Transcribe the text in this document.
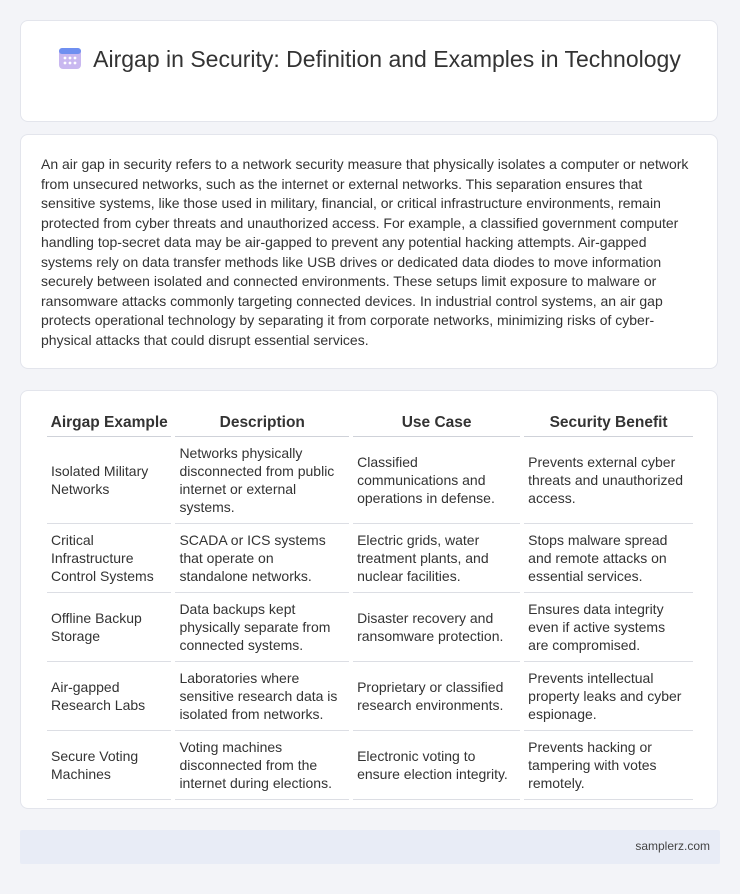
Airgap in Security: Definition and Examples in Technology
An air gap in security refers to a network security measure that physically isolates a computer or network from unsecured networks, such as the internet or external networks. This separation ensures that sensitive systems, like those used in military, financial, or critical infrastructure environments, remain protected from cyber threats and unauthorized access. For example, a classified government computer handling top-secret data may be air-gapped to prevent any potential hacking attempts. Air-gapped systems rely on data transfer methods like USB drives or dedicated data diodes to move information securely between isolated and connected environments. These setups limit exposure to malware or ransomware attacks commonly targeting connected devices. In industrial control systems, an air gap protects operational technology by separating it from corporate networks, minimizing risks of cyber-physical attacks that could disrupt essential services.
Airgap Example	Description	Use Case	Security Benefit
Isolated Military Networks	Networks physically disconnected from public internet or external systems.	Classified communications and operations in defense.	Prevents external cyber threats and unauthorized access.
Critical Infrastructure Control Systems	SCADA or ICS systems that operate on standalone networks.	Electric grids, water treatment plants, and nuclear facilities.	Stops malware spread and remote attacks on essential services.
Offline Backup Storage	Data backups kept physically separate from connected systems.	Disaster recovery and ransomware protection.	Ensures data integrity even if active systems are compromised.
Air-gapped Research Labs	Laboratories where sensitive research data is isolated from networks.	Proprietary or classified research environments.	Prevents intellectual property leaks and cyber espionage.
Secure Voting Machines	Voting machines disconnected from the internet during elections.	Electronic voting to ensure election integrity.	Prevents hacking or tampering with votes remotely.
samplerz.com
